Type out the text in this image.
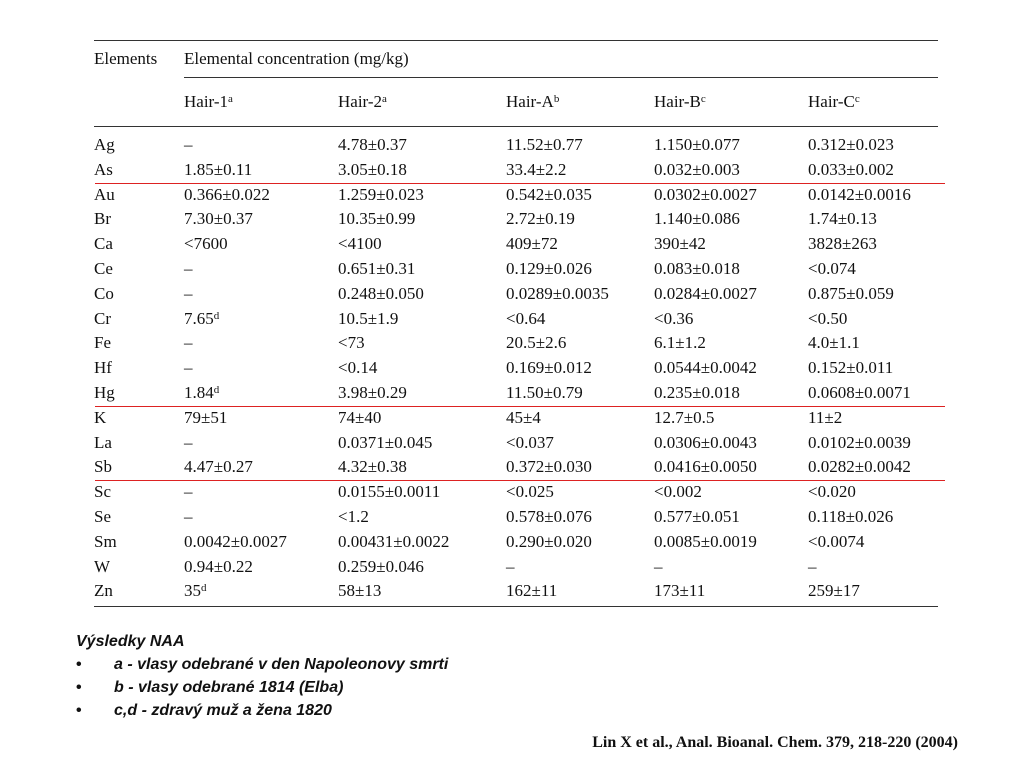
Elements	Elemental concentration (mg/kg)				
	Hair-1$^a$	Hair-2$^a$	Hair-$A^b$	Hair-$B^c$	Hair-$C^c$
Ag	–	4.78±0.37	11.52±0.77	1.150±0.077	0.312±0.023
As	1.85±0.11	3.05±0.18	33.4±2.2	0.032±0.003	0.033±0.002
Au	0.366±0.022	1.259±0.023	0.542±0.035	0.0302±0.0027	0.0142±0.0016
Br	7.30±0.37	10.35±0.99	2.72±0.19	1.140±0.086	1.74±0.13
Ca	<7600	<4100	409±72	390±42	3828±263
Ce	–	0.651±0.31	0.129±0.026	0.083±0.018	<0.074
Co	–	0.248±0.050	0.0289±0.0035	0.0284±0.0027	0.875±0.059
Cr	7.65$^d$	10.5±1.9	<0.64	<0.36	<0.50
Fe	–	<73	20.5±2.6	6.1±1.2	4.0±1.1
Hf	–	<0.14	0.169±0.012	0.0544±0.0042	0.152±0.011
Hg	1.84$^d$	3.98±0.29	11.50±0.79	0.235±0.018	0.0608±0.0071
K	79±51	74±40	45±4	12.7±0.5	11±2
La	–	0.0371±0.045	<0.037	0.0306±0.0043	0.0102±0.0039
Sb	4.47±0.27	4.32±0.38	0.372±0.030	0.0416±0.0050	0.0282±0.0042
Sc	–	0.0155±0.0011	<0.025	<0.002	<0.020
Se	–	<1.2	0.578±0.076	0.577±0.051	0.118±0.026
Sm	0.0042±0.0027	0.00431±0.0022	0.290±0.020	0.0085±0.0019	<0.0074
W	0.94±0.22	0.259±0.046	–	–	–
Zn	35$^d$	58±13	162±11	173±11	259±17
Výsledky NAA
• a - vlasy odebrané v den Napoleonovy smrti
• b - vlasy odebrané 1814 (Elba)
• c,d - zdravý muž a žena 1820
Lin X et al., Anal. Bioanal. Chem. 379, 218-220 (2004)
